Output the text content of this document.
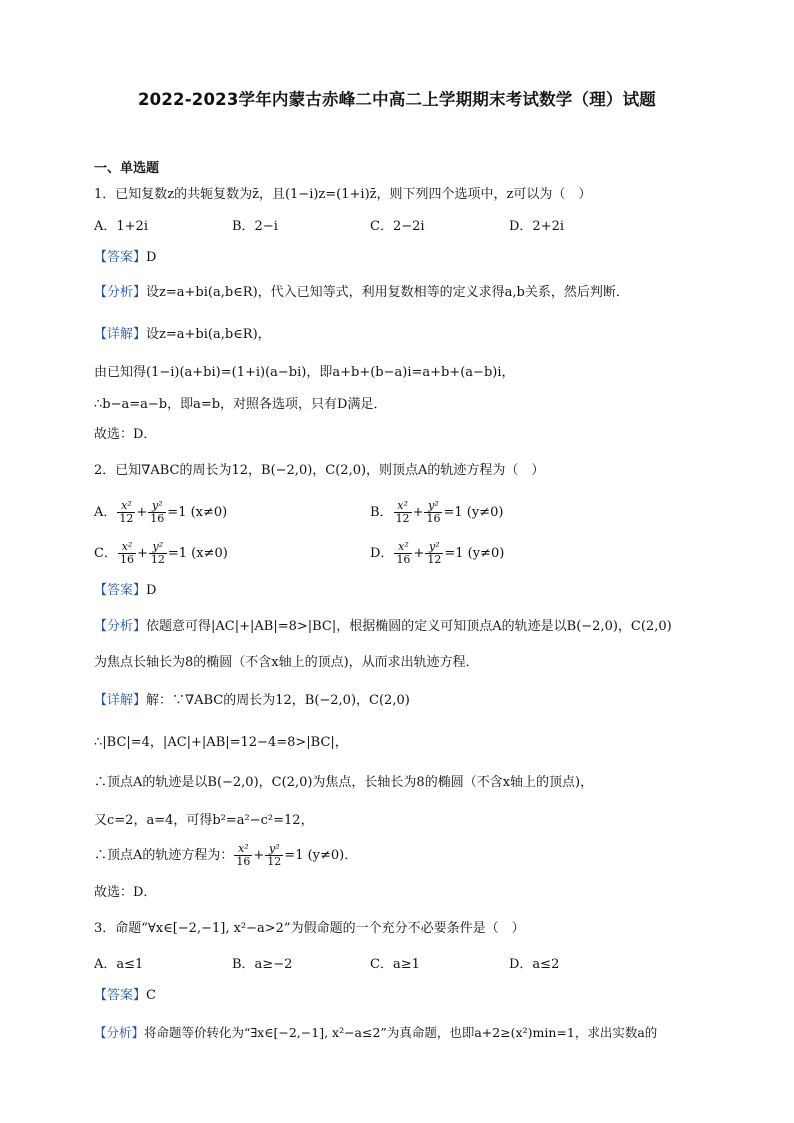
2022-2023学年内蒙古赤峰二中高二上学期期末考试数学（理）试题
一、单选题
1．已知复数z的共轭复数为z̄，且(1−i)z=(1+i)z̄，则下列四个选项中，z可以为（　）
A．1+2i	B．2−i	C．2−2i	D．2+2i
【答案】D
【分析】设z=a+bi(a,b∈R)，代入已知等式，利用复数相等的定义求得a,b关系，然后判断．
【详解】设z=a+bi(a,b∈R)，
由已知得(1−i)(a+bi)=(1+i)(a−bi)，即a+b+(b−a)i=a+b+(a−b)i，
∴b−a=a−b，即a=b，对照各选项，只有D满足．
故选：D．
2．已知∇ABC的周长为12，B(−2,0)，C(2,0)，则顶点A的轨迹方程为（　）
A． $\frac{\text{x²}}{12} + \frac{\text{y²}}{16} =1$ (x≠0)	B． $\frac{\text{x²}}{12} + \frac{\text{y²}}{16} =1$ (y≠0)
C． $\frac{\text{x²}}{16} + \frac{\text{y²}}{12} =1$ (x≠0)	D． $\frac{\text{x²}}{16} + \frac{\text{y²}}{12} =1$ (y≠0)
【答案】D
【分析】依题意可得|AC|+|AB|=8>|BC|，根据椭圆的定义可知顶点A的轨迹是以B(−2,0)，C(2,0)
为焦点长轴长为8的椭圆（不含x轴上的顶点)，从而求出轨迹方程．
【详解】解：∵∇ABC的周长为12，B(−2,0)，C(2,0)
∴|BC|=4，|AC|+|AB|=12−4=8>|BC|，
∴顶点A的轨迹是以B(−2,0)，C(2,0)为焦点，长轴长为8的椭圆（不含x轴上的顶点)，
又c=2，a=4，可得b²=a²−c²=12，
∴顶点A的轨迹方程为： $\frac{\text{x²}}{16} + \frac{\text{y²}}{12} =1$ (y≠0)．
故选：D．
3．命题“∀x∈[−2,−1], x²−a>2”为假命题的一个充分不必要条件是（　）
A．a≤1	B．a≥−2	C．a≥1	D．a≤2
【答案】C
【分析】将命题等价转化为“∃x∈[−2,−1], x²−a≤2”为真命题，也即a+2≥(x²)min=1，求出实数a的
